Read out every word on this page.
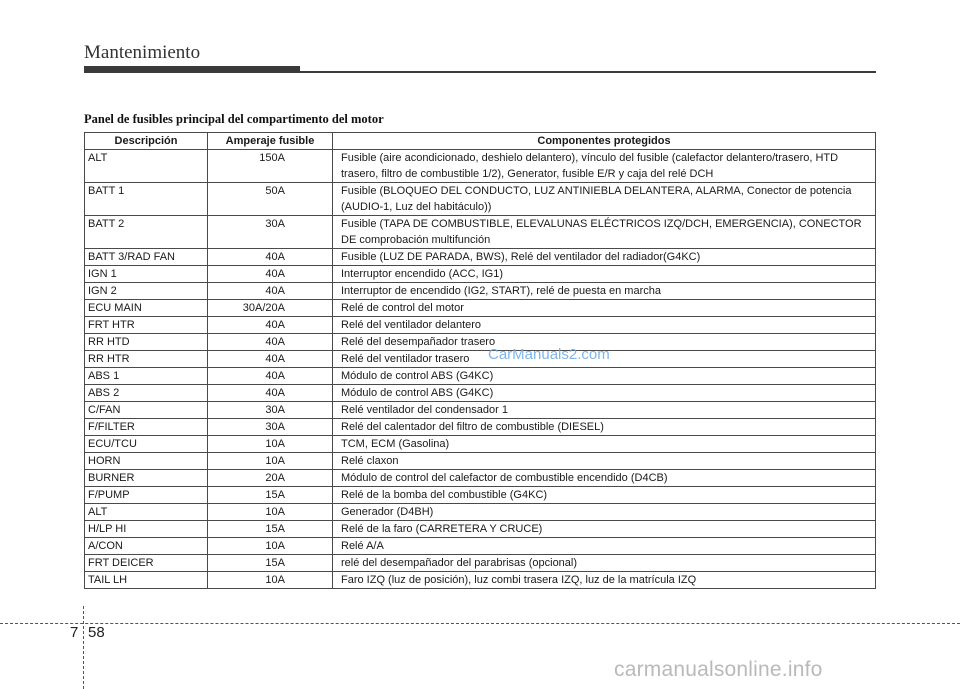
Mantenimiento
Panel de fusibles principal del compartimento del motor
Descripción	Amperaje fusible	Componentes protegidos
ALT	150A	Fusible (aire acondicionado, deshielo delantero), vínculo del fusible (calefactor delantero/trasero, HTD trasero, filtro de combustible 1/2), Generator, fusible E/R y caja del relé DCH
BATT 1	50A	Fusible (BLOQUEO DEL CONDUCTO, LUZ ANTINIEBLA DELANTERA, ALARMA, Conector de potencia (AUDIO-1, Luz del habitáculo))
BATT 2	30A	Fusible (TAPA DE COMBUSTIBLE, ELEVALUNAS ELÉCTRICOS IZQ/DCH, EMERGENCIA), CONECTOR DE comprobación multifunción
BATT 3/RAD FAN	40A	Fusible (LUZ DE PARADA, BWS), Relé del ventilador del radiador(G4KC)
IGN 1	40A	Interruptor encendido (ACC, IG1)
IGN 2	40A	Interruptor de encendido (IG2, START), relé de puesta en marcha
ECU MAIN	30A/20A	Relé de control del motor
FRT HTR	40A	Relé del ventilador delantero
RR HTD	40A	Relé del desempañador trasero
RR HTR	40A	Relé del ventilador trasero
ABS 1	40A	Módulo de control ABS (G4KC)
ABS 2	40A	Módulo de control ABS (G4KC)
C/FAN	30A	Relé ventilador del condensador 1
F/FILTER	30A	Relé del calentador del filtro de combustible (DIESEL)
ECU/TCU	10A	TCM, ECM (Gasolina)
HORN	10A	Relé claxon
BURNER	20A	Módulo de control del calefactor de combustible encendido (D4CB)
F/PUMP	15A	Relé de la bomba del combustible (G4KC)
ALT	10A	Generador (D4BH)
H/LP HI	15A	Relé de la faro (CARRETERA Y CRUCE)
A/CON	10A	Relé A/A
FRT DEICER	15A	relé del desempañador del parabrisas (opcional)
TAIL LH	10A	Faro IZQ (luz de posición), luz combi trasera IZQ, luz de la matrícula IZQ
CarManuals2.com
7 58
carmanualsonline.info
